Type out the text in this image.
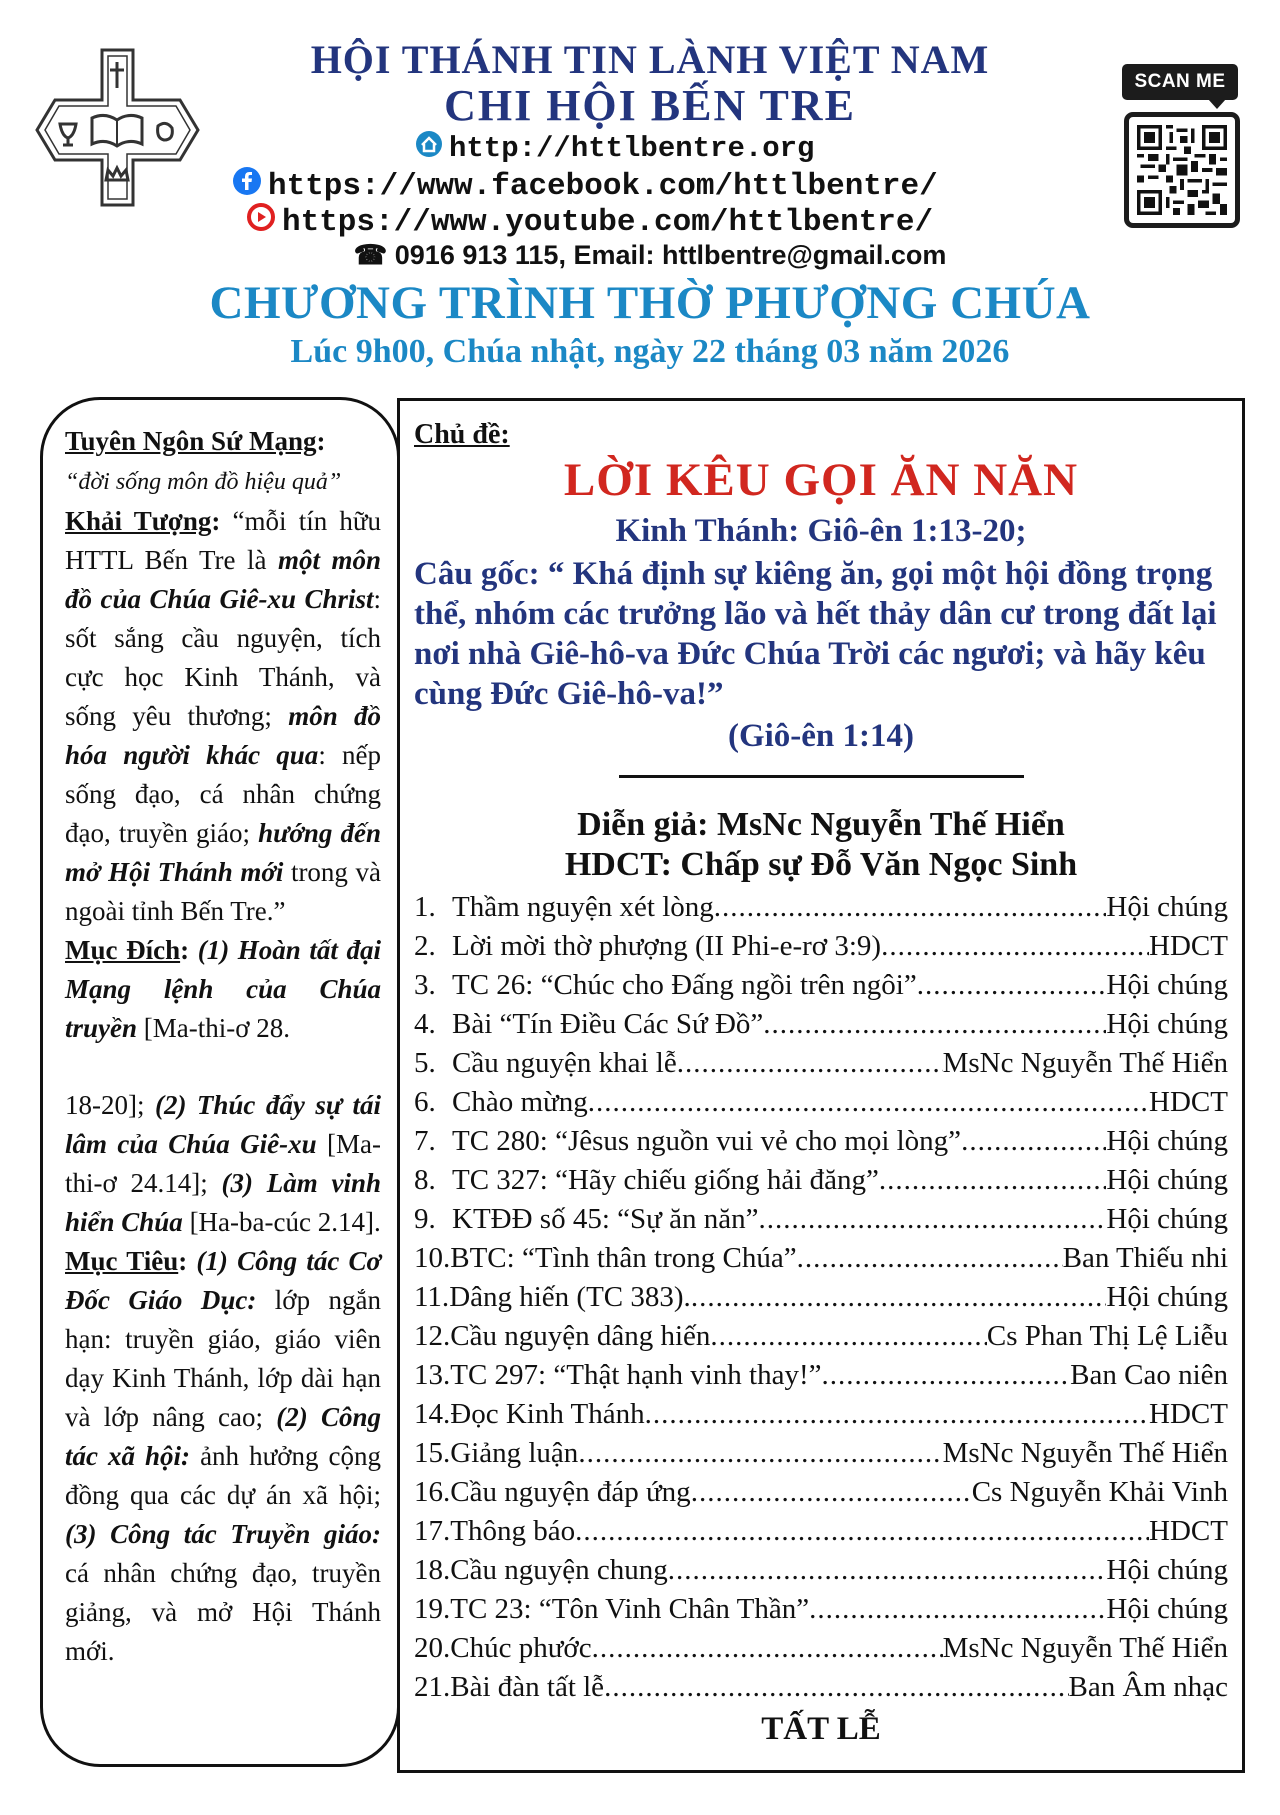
SCAN ME
HỘI THÁNH TIN LÀNH VIỆT NAM
CHI HỘI BẾN TRE
http://httlbentre.org
https://www.facebook.com/httlbentre/
https://www.youtube.com/httlbentre/
☎ 0916 913 115, Email: httlbentre@gmail.com
CHƯƠNG TRÌNH THỜ PHƯỢNG CHÚA
Lúc 9h00, Chúa nhật, ngày 22 tháng 03 năm 2026

Tuyên Ngôn Sứ Mạng:
“đời sống môn đồ hiệu quả”

Khải Tượng: “mỗi tín hữu HTTL Bến Tre là một môn đồ của Chúa Giê-xu Christ: sốt sắng cầu nguyện, tích cực học Kinh Thánh, và sống yêu thương; môn đồ hóa người khác qua: nếp sống đạo, cá nhân chứng đạo, truyền giáo; hướng đến mở Hội Thánh mới trong và ngoài tỉnh Bến Tre.”

Mục Đích: (1) Hoàn tất đại Mạng lệnh của Chúa truyền [Ma-thi-ơ 28.

18-20]; (2) Thúc đẩy sự tái lâm của Chúa Giê-xu [Ma-thi-ơ 24.14]; (3) Làm vinh hiển Chúa [Ha-ba-cúc 2.14].

Mục Tiêu: (1) Công tác Cơ Đốc Giáo Dục: lớp ngắn hạn: truyền giáo, giáo viên dạy Kinh Thánh, lớp dài hạn và lớp nâng cao; (2) Công tác xã hội: ảnh hưởng cộng đồng qua các dự án xã hội; (3) Công tác Truyền giáo: cá nhân chứng đạo, truyền giảng, và mở Hội Thánh mới.

Chủ đề:
LỜI KÊU GỌI ĂN NĂN
Kinh Thánh: Giô-ên 1:13-20;
Câu gốc: “ Khá định sự kiêng ăn, gọi một hội đồng trọng thể, nhóm các trưởng lão và hết thảy dân cư trong đất lại nơi nhà Giê-hô-va Đức Chúa Trời các ngươi; và hãy kêu cùng Đức Giê-hô-va!”
(Giô-ên 1:14)
Diễn giả: MsNc Nguyễn Thế Hiển
HDCT: Chấp sự Đỗ Văn Ngọc Sinh
1. Thầm nguyện xét lòng .....	Hội chúng
2. Lời mời thờ phượng (II Phi-e-rơ 3:9) .....	HDCT
3. TC 26: “Chúc cho Đấng ngồi trên ngôi” .....	Hội chúng
4. Bài “Tín Điều Các Sứ Đồ” .....	Hội chúng
5. Cầu nguyện khai lễ .....	MsNc Nguyễn Thế Hiển
6. Chào mừng .....	HDCT
7. TC 280: “Jêsus nguồn vui vẻ cho mọi lòng” .....	Hội chúng
8. TC 327: “Hãy chiếu giống hải đăng” .....	Hội chúng
9. KTĐĐ số 45: “Sự ăn năn” .....	Hội chúng
10. BTC: “Tình thân trong Chúa” .....	Ban Thiếu nhi
11. Dâng hiến (TC 383). .....	Hội chúng
12. Cầu nguyện dâng hiến .....	Cs Phan Thị Lệ Liễu
13. TC 297: “Thật hạnh vinh thay!” .....	Ban Cao niên
14. Đọc Kinh Thánh .....	HDCT
15. Giảng luận .....	MsNc Nguyễn Thế Hiển
16. Cầu nguyện đáp ứng .....	Cs Nguyễn Khải Vinh
17. Thông báo .....	HDCT
18. Cầu nguyện chung .....	Hội chúng
19. TC 23: “Tôn Vinh Chân Thần” .....	Hội chúng
20. Chúc phước .....	MsNc Nguyễn Thế Hiển
21. Bài đàn tất lễ .....	Ban Âm nhạc
TẤT LỄ
